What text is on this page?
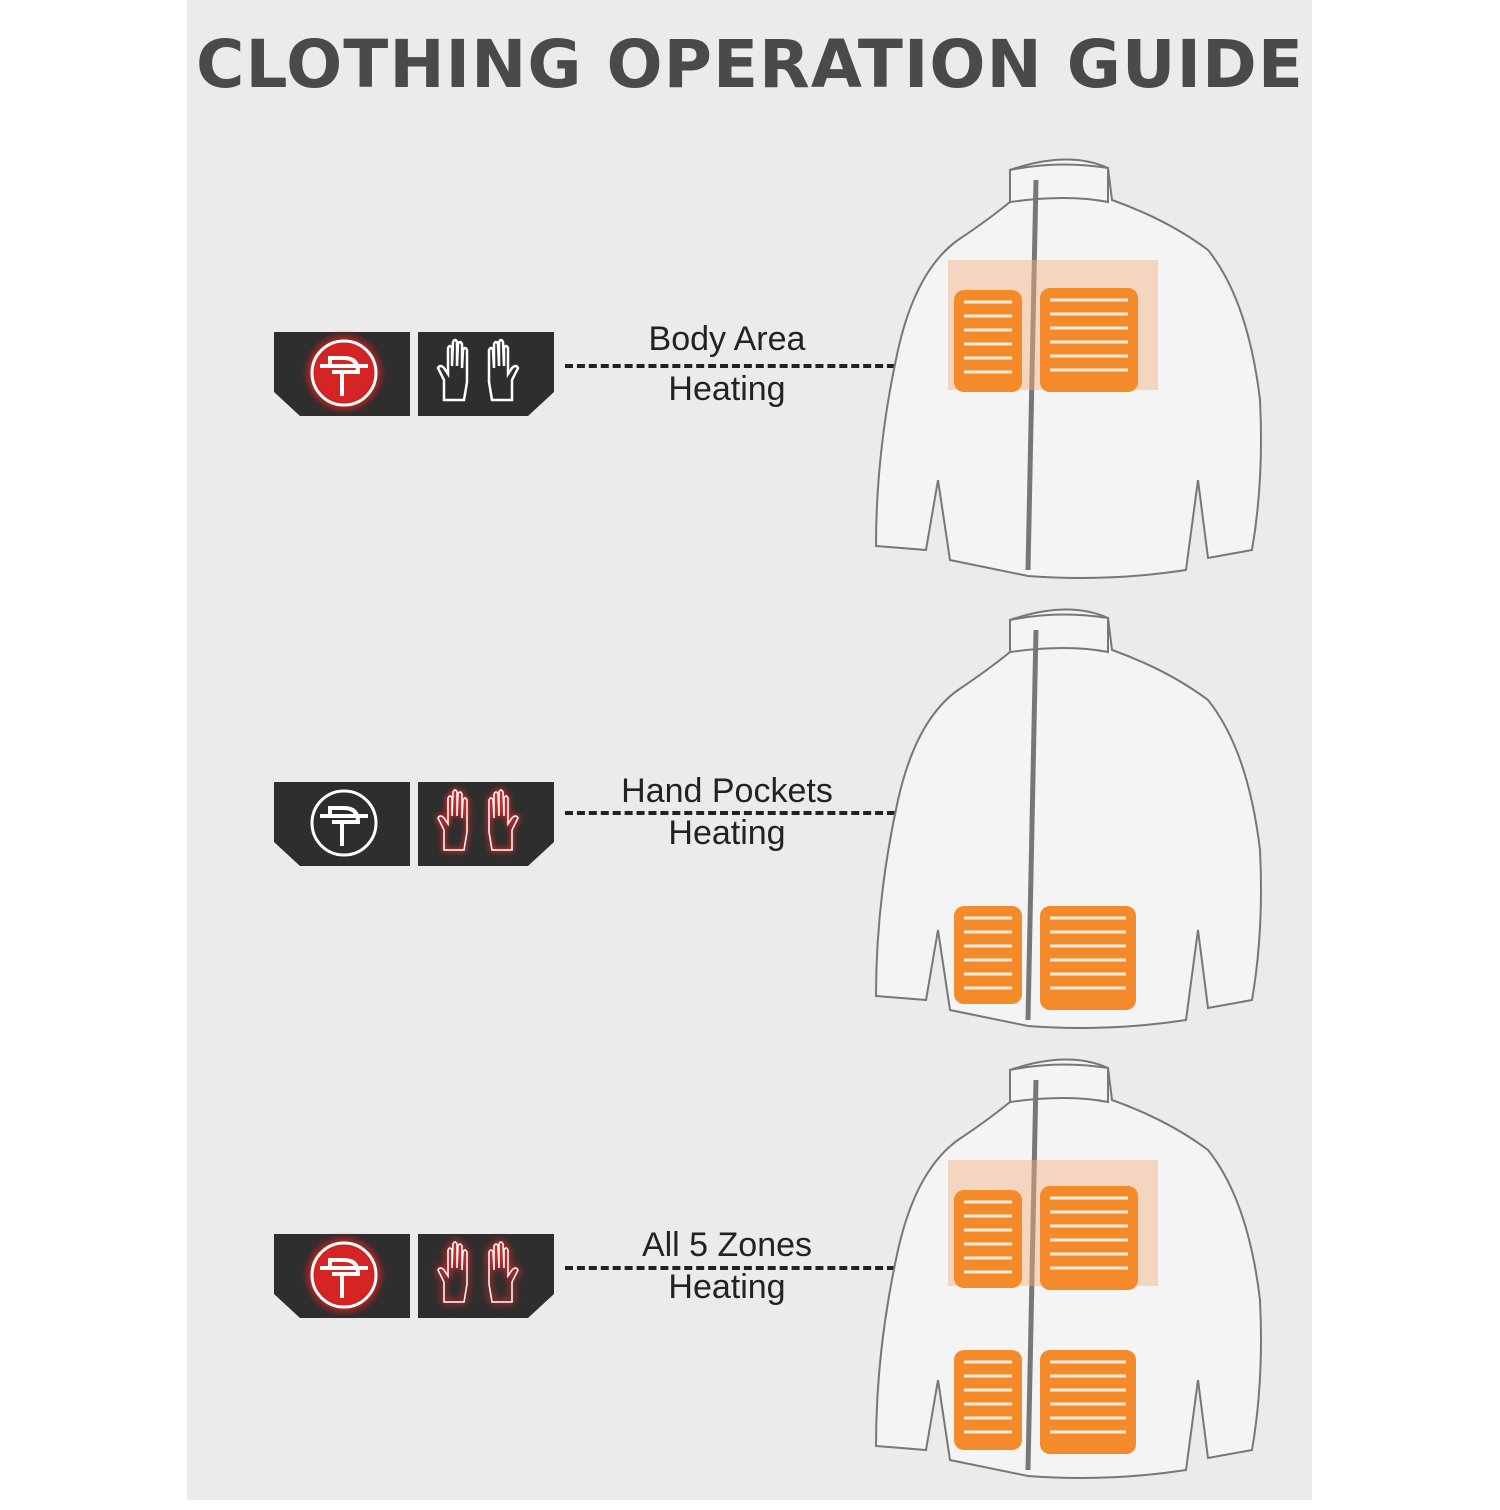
CLOTHING OPERATION GUIDE
Body Area
Heating
Hand Pockets
Heating
All 5 Zones
Heating
